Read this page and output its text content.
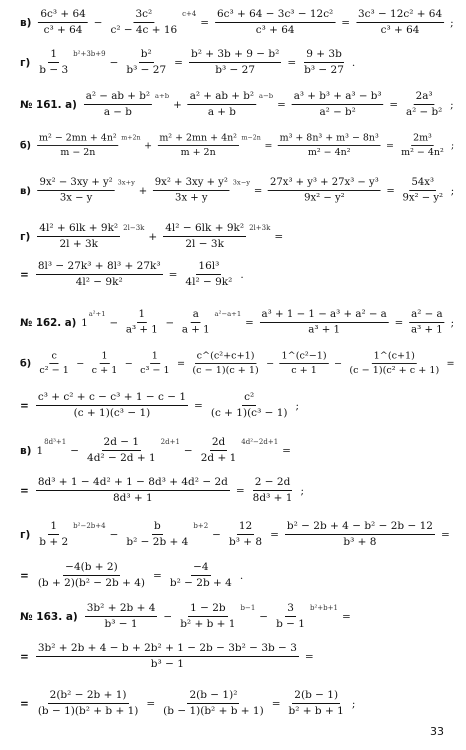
$в) \frac{\text{6c³ + 64}}{\text{c³ + 64}} - \frac{\text{3c²}}{\text{c² − 4c + 16}} c+4$
= $\frac{\text{6c³ + 64 − 3c³ − 12c²}}{\text{c³ + 64}} = \frac{\text{3c³ − 12c² + 64}}{\text{c³ + 64}}$ ;
$г) \frac{1}{b - 3} b^2+3b+9$
− $\frac{\text{b²}}{\text{b³ − 27}} = \frac{\text{b² + 3b + 9 − b²}}{\text{b³ − 27}} = \frac{9 + 3b}{\text{b³ − 27}}$ .
№ 161. $а) \frac{\text{a² − ab + b²}}{a - b} a+b$
+ $\frac{\text{a² + ab + b²}}{a + b} a-b$
= $\frac{\text{a³ + b³ + a³ − b³}}{\text{a² − b²}} = \frac{\text{2a³}}{\text{a² − b²}}$ ;
$б) \frac{\text{m² − 2mn + 4n²}}{m - 2n} m+2n$
+ $\frac{\text{m² + 2mn + 4n²}}{m + 2n} m-2n$
= $\frac{\text{m³ + 8n³ + m³ − 8n³}}{\text{m² − 4n²}} = \frac{\text{2m³}}{\text{m² − 4n²}}$ ;
$в) \frac{\text{9x² − 3xy + y²}}{3x - y} 3x+y$
+ $\frac{\text{9x² + 3xy + y²}}{3x + y} 3x-y$
= $\frac{\text{27x³ + y³ + 27x³ − y³}}{\text{9x² − y²}} = \frac{\text{54x³}}{\text{9x² − y²}}$ ;
$г) \frac{\text{4l² + 6lk + 9k²}}{2l + 3k} 2l-3k$
+ $\frac{\text{4l² − 6lk + 9k²}}{2l - 3k} 2l+3k$
=
= $\frac{\text{8l³ − 27k³ + 8l³ + 27k³}}{\text{4l² − 9k²}} = \frac{\text{16l³}}{\text{4l² − 9k²}}$ .
№ 162. а) 1
a²+1
− $\frac{1}{\text{a³ + 1}} - \frac{a}{a + 1} a^2-a+1$
= $\frac{\text{a³ + 1 − 1 − a³ + a² − a}}{\text{a³ + 1}} = \frac{\text{a² − a}}{\text{a³ + 1}}$ ;
$б) \frac{c}{\text{c² − 1}} - \frac{1}{c + 1} - \frac{1}{\text{c³ − 1}} = \frac{\text{c\textasciicircum{}(c²+c+1)}}{(c - 1)(c + 1)} - \frac{\text{1\textasciicircum{}(c²−1)}}{c + 1} - \frac{1\^{}(c+1)}{\text{(c − 1)(c² + c + 1)}}$ =
= $\frac{\text{c³ + c² + c − c³ + 1 − c − 1}}{\text{(c + 1)(c³ − 1)}} = \frac{\text{c²}}{\text{(c + 1)(c³ − 1)}}$ ;
в) 1
8d³+1
− $\frac{2d - 1}{\text{4d² − 2d + 1}} 2d+1$
− $\frac{2d}{2d + 1} 4d^2-2d+1$
=
= $\frac{\text{8d³ + 1 − 4d² + 1 − 8d³ + 4d² − 2d}}{\text{8d³ + 1}} = \frac{2 - 2d}{\text{8d³ + 1}}$ ;
$г) \frac{1}{b + 2} b^2-2b+4$
− $\frac{b}{\text{b² − 2b + 4}} b+2$
− $\frac{12}{\text{b³ + 8}} = \frac{\text{b² − 2b + 4 − b² − 2b − 12}}{\text{b³ + 8}}$ =
= $\frac{-4(b + 2)}{\text{(b + 2)(b² − 2b + 4)}} = \frac{-4}{\text{b² − 2b + 4}}$ .
№ 163. $а) \frac{\text{3b² + 2b + 4}}{\text{b³ − 1}} - \frac{1 - 2b}{\text{b² + b + 1}} b-1$
− $\frac{3}{b - 1} b^2+b+1$
=
= $\frac{\text{3b² + 2b + 4 − b + 2b² + 1 − 2b − 3b² − 3b − 3}}{\text{b³ − 1}}$ =
= $\frac{\text{2(b² − 2b + 1)}}{\text{(b − 1)(b² + b + 1)}} = \frac{\text{2(b − 1)²}}{\text{(b − 1)(b² + b + 1)}} = \frac{2(b - 1)}{\text{b² + b + 1}}$ ;
33
